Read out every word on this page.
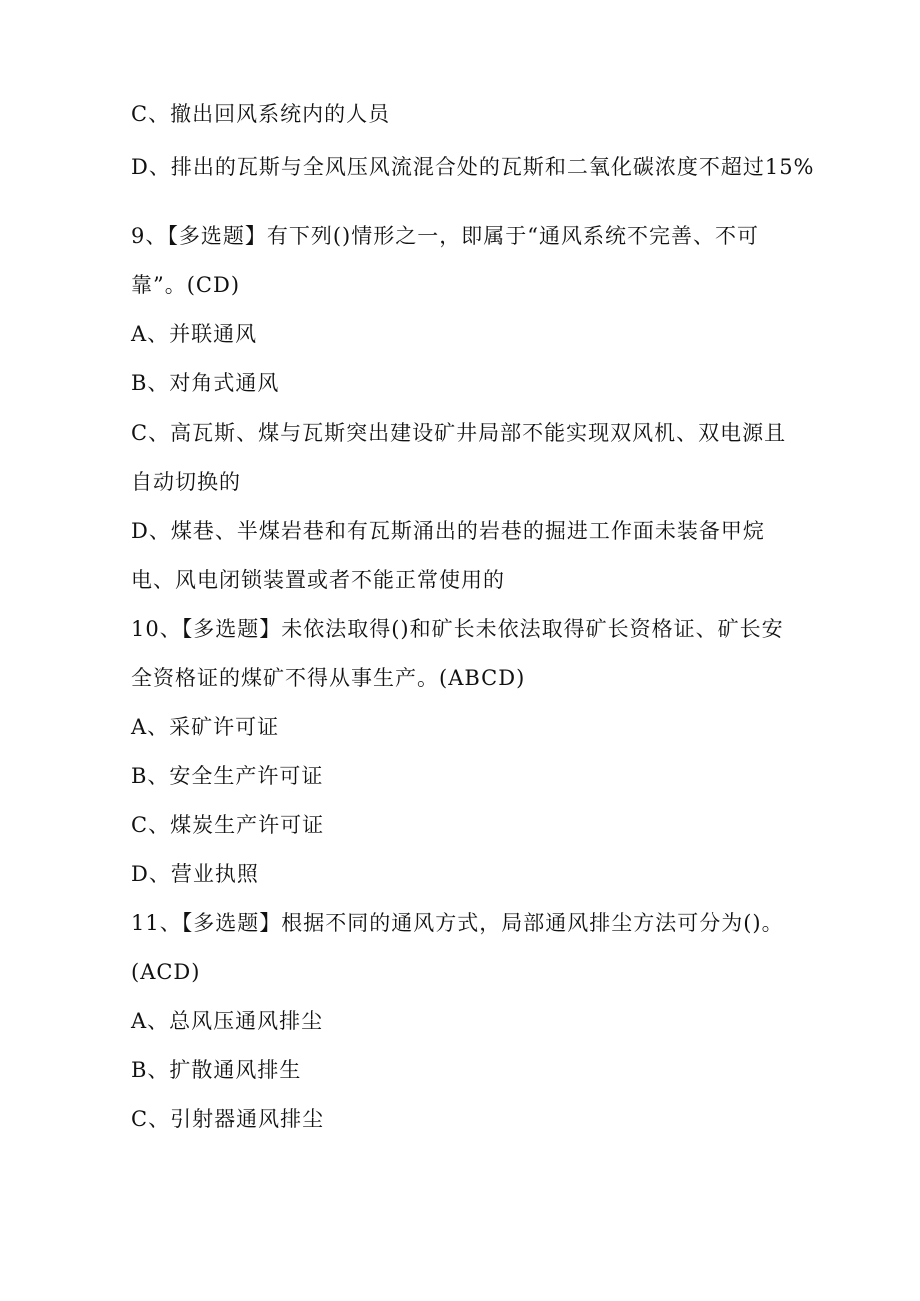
C、撤出回风系统内的人员
D、排出的瓦斯与全风压风流混合处的瓦斯和二氧化碳浓度不超过15%
9、【多选题】有下列()情形之一，即属于“通风系统不完善、不可
靠”。(CD)
A、并联通风
B、对角式通风
C、高瓦斯、煤与瓦斯突出建设矿井局部不能实现双风机、双电源且
自动切换的
D、煤巷、半煤岩巷和有瓦斯涌出的岩巷的掘进工作面未装备甲烷
电、风电闭锁装置或者不能正常使用的
10、【多选题】未依法取得()和矿长未依法取得矿长资格证、矿长安
全资格证的煤矿不得从事生产。(ABCD)
A、采矿许可证
B、安全生产许可证
C、煤炭生产许可证
D、营业执照
11、【多选题】根据不同的通风方式，局部通风排尘方法可分为()。
(ACD)
A、总风压通风排尘
B、扩散通风排生
C、引射器通风排尘
